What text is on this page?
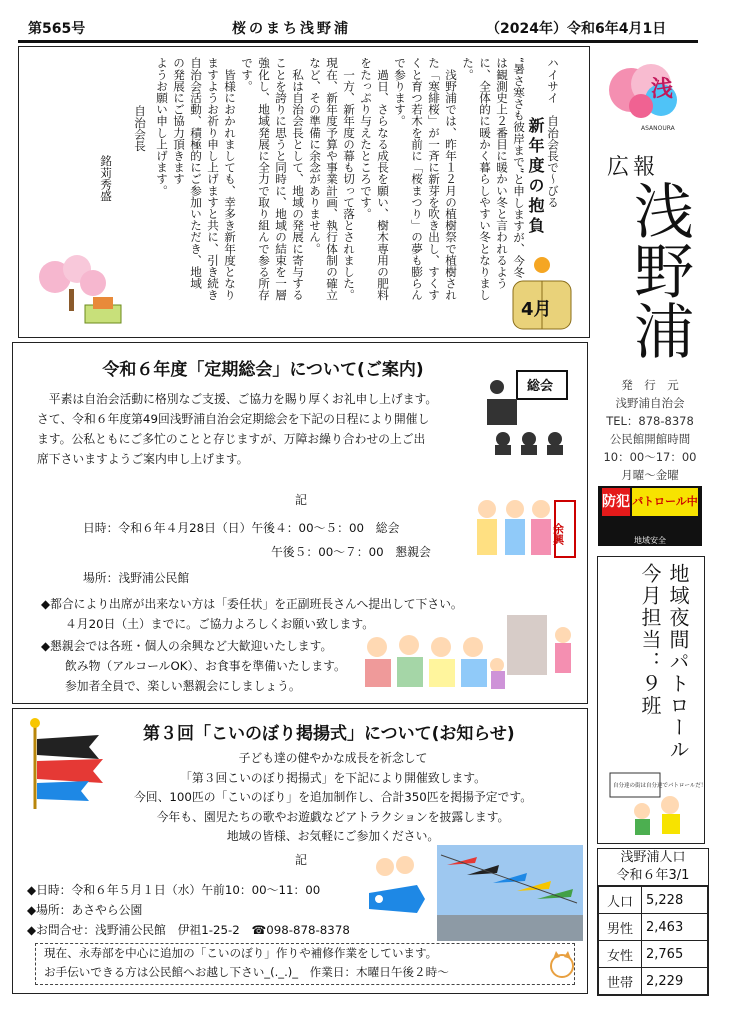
第565号	桜のまち浅野浦	（2024年）令和6年4月1日

ハイサイ　自治会長で〜びる

新年度の抱負

“暑さ寒さも彼岸まで”と申しますが、今冬

は観測史上２番目に暖かい冬と言われるよう

に、全体的に暖かく暮らしやすい冬となりまし

た。

　浅野浦では、昨年１２月の植樹祭で植樹され

た「寒緋桜」が一斉に新芽を吹き出し、すくす

くと育つ若木を前に「桜まつり」の夢も膨らん

で参ります。

　過日、さらなる成長を願い、樹木専用の肥料

をたっぷり与えたところです。

　一方、新年度の幕も切って落とされました。

現在、新年度予算や事業計画、執行体制の確立

など、その準備に余念がありません。

　私は自治会長として、地域の発展に寄与する

ことを誇りに思うと同時に、地域の結束を一層

強化し、地域発展に全力で取り組んで参る所存

です。

　皆様におかれましても、幸多き新年度となり

ますようお祈り申し上げますと共に、引き続き

自治会活動、積極的にご参加いただき、地域

の発展にご協力頂きます

ようお願い申し上げます。

自治会長

銘苅秀盛

4月
浅
ASANOURA
広報
浅野浦
発　行　元
浅野浦自治会
TEL：878-8378
公民館開館時間
10：00〜17：00
月曜〜金曜
防犯 パトロール中
地域安全
地域夜間パトロール
今月担当：９班
自分達の街は自分達でパトロールだ！
浅野浦人口
令和６年3/1
人口	5,228
男性	2,463
女性	2,765
世帯	2,229
令和６年度「定期総会」について(ご案内)

　平素は自治会活動に格別なご支援、ご協力を賜り厚くお礼申し上げます。

さて、令和６年度第49回浅野浦自治会定期総会を下記の日程により開催し

ます。公私ともにご多忙のことと存じますが、万障お繰り合わせの上ご出

席下さいますようご案内申し上げます。

総会
記
日時：令和６年４月28日（日）午後４：00〜５：00　総会
午後５：00〜７：00　懇親会
場所：浅野浦公民館
余興
◆都合により出席が出来ない方は「委任状」を正副班長さんへ提出して下さい。
４月20日（土）までに。ご協力よろしくお願い致します。
◆懇親会では各班・個人の余興など大歓迎いたします。
飲み物（アルコールOK）、お食事を準備いたします。
参加者全員で、楽しい懇親会にしましょう。
第３回「こいのぼり掲揚式」について(お知らせ)

子ども達の健やかな成長を祈念して

「第３回こいのぼり掲揚式」を下記により開催致します。

今回、100匹の「こいのぼり」を追加制作し、合計350匹を掲揚予定です。

今年も、園児たちの歌やお遊戯などアトラクションを披露します。

地域の皆様、お気軽にご参加ください。

記
◆日時：令和６年５月１日（水）午前10：00〜11：00
◆場所：あさやら公園
◆お問合せ：浅野浦公民館　伊祖1-25-2　☎098-878-8378

現在、永寿部を中心に追加の「こいのぼり」作りや補修作業をしています。

お手伝いできる方は公民館へお越し下さい_(._.)_　作業日：木曜日午後２時〜
